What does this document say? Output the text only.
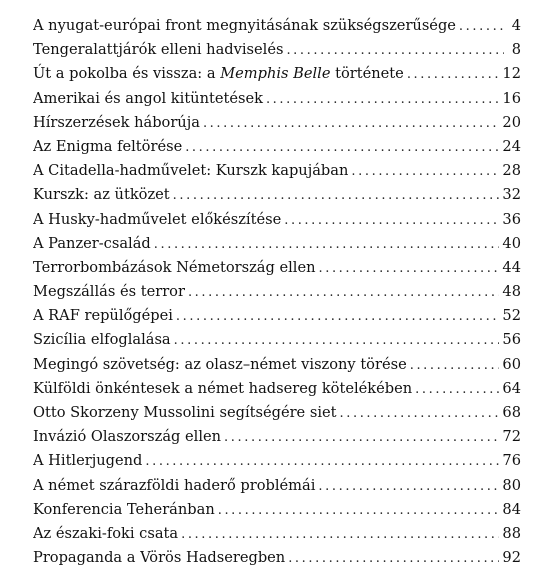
A nyugat-európai front megnyitásának szükségszerűsége .....	4
Tengeralattjárók elleni hadviselés .....	8
Út a pokolba és vissza: a Memphis Belle története .....	12
Amerikai és angol kitüntetések .....	16
Hírszerzések háborúja .....	20
Az Enigma feltörése .....	24
A Citadella-hadművelet: Kurszk kapujában .....	28
Kurszk: az ütközet .....	32
A Husky-hadművelet előkészítése .....	36
A Panzer-család .....	40
Terrorbombázások Németország ellen .....	44
Megszállás és terror .....	48
A RAF repülőgépei .....	52
Szicília elfoglalása .....	56
Megingó szövetség: az olasz–német viszony törése .....	60
Külföldi önkéntesek a német hadsereg kötelékében .....	64
Otto Skorzeny Mussolini segítségére siet .....	68
Invázió Olaszország ellen .....	72
A Hitlerjugend .....	76
A német szárazföldi haderő problémái .....	80
Konferencia Teheránban .....	84
Az északi-foki csata .....	88
Propaganda a Vörös Hadseregben .....	92
